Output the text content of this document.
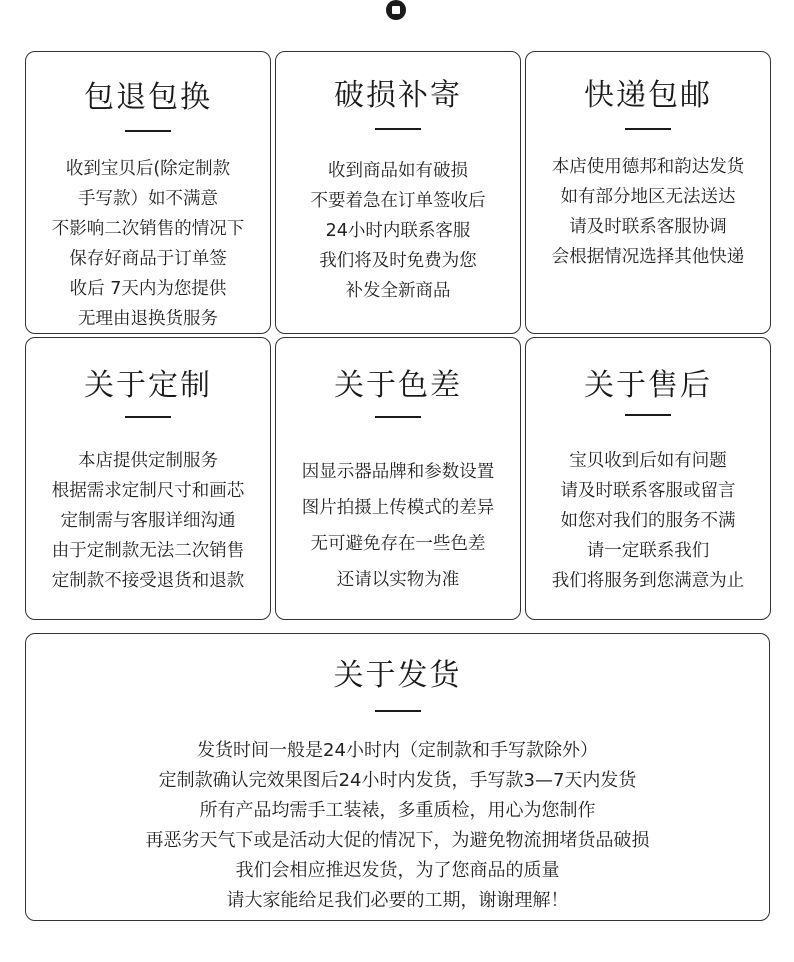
包退包换
收到宝贝后(除定制款
手写款）如不满意
不影响二次销售的情况下
保存好商品于订单签
收后 7天内为您提供
无理由退换货服务
破损补寄
收到商品如有破损
不要着急在订单签收后
24小时内联系客服
我们将及时免费为您
补发全新商品
快递包邮
本店使用德邦和韵达发货
如有部分地区无法送达
请及时联系客服协调
会根据情况选择其他快递
关于定制
本店提供定制服务
根据需求定制尺寸和画芯
定制需与客服详细沟通
由于定制款无法二次销售
定制款不接受退货和退款
关于色差
因显示器品牌和参数设置
图片拍摄上传模式的差异
无可避免存在一些色差
还请以实物为准
关于售后
宝贝收到后如有问题
请及时联系客服或留言
如您对我们的服务不满
请一定联系我们
我们将服务到您满意为止
关于发货
发货时间一般是24小时内（定制款和手写款除外）
定制款确认完效果图后24小时内发货，手写款3—7天内发货
所有产品均需手工装裱，多重质检，用心为您制作
再恶劣天气下或是活动大促的情况下，为避免物流拥堵货品破损
我们会相应推迟发货，为了您商品的质量
请大家能给足我们必要的工期，谢谢理解！
